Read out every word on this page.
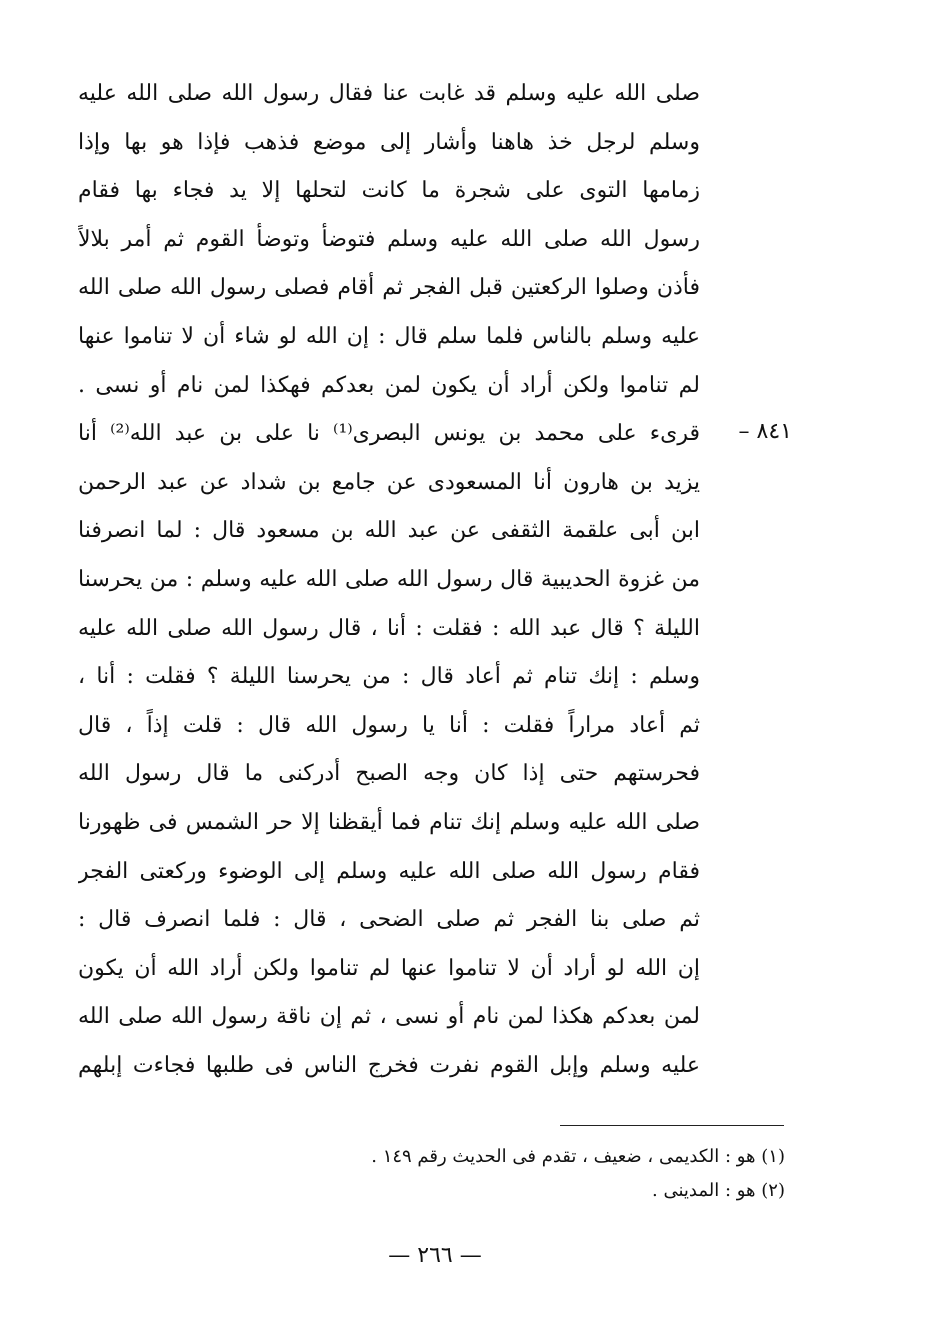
صلى الله عليه وسلم قد غابت عنا فقال رسول الله صلى الله عليه
وسلم لرجل خذ هاهنا وأشار إلى موضع فذهب فإذا هو بها وإذا
زمامها التوى على شجرة ما كانت لتحلها إلا يد فجاء بها فقام
رسول الله صلى الله عليه وسلم فتوضأ وتوضأ القوم ثم أمر بلالاً
فأذن وصلوا الركعتين قبل الفجر ثم أقام فصلى رسول الله صلى الله
عليه وسلم بالناس فلما سلم قال : إن الله لو شاء أن لا تناموا عنها
لم تناموا ولكن أراد أن يكون لمن بعدكم فهكذا لمن نام أو نسى .
قرىء على محمد بن يونس البصرى⁽¹⁾ نا على بن عبد الله⁽²⁾ أنا
يزيد بن هارون أنا المسعودى عن جامع بن شداد عن عبد الرحمن
ابن أبى علقمة الثقفى عن عبد الله بن مسعود قال : لما انصرفنا
من غزوة الحديبية قال رسول الله صلى الله عليه وسلم : من يحرسنا
الليلة ؟ قال عبد الله : فقلت : أنا ، قال رسول الله صلى الله عليه
وسلم : إنك تنام ثم أعاد قال : من يحرسنا الليلة ؟ فقلت : أنا ،
ثم أعاد مراراً فقلت : أنا يا رسول الله قال : قلت إذاً ، قال
فحرستهم حتى إذا كان وجه الصبح أدركنى ما قال رسول الله
صلى الله عليه وسلم إنك تنام فما أيقظنا إلا حر الشمس فى ظهورنا
فقام رسول الله صلى الله عليه وسلم إلى الوضوء وركعتى الفجر
ثم صلى بنا الفجر ثم صلى الضحى ، قال : فلما انصرف قال :
إن الله لو أراد أن لا تناموا عنها لم تناموا ولكن أراد الله أن يكون
لمن بعدكم هكذا لمن نام أو نسى ، ثم إن ناقة رسول الله صلى الله
عليه وسلم وإبل القوم نفرت فخرج الناس فى طلبها فجاءت إبلهم
٨٤١ –
(١) هو : الكديمى ، ضعيف ، تقدم فى الحديث رقم ١٤٩ .
(٢) هو : المدينى .
— ٢٦٦ —
